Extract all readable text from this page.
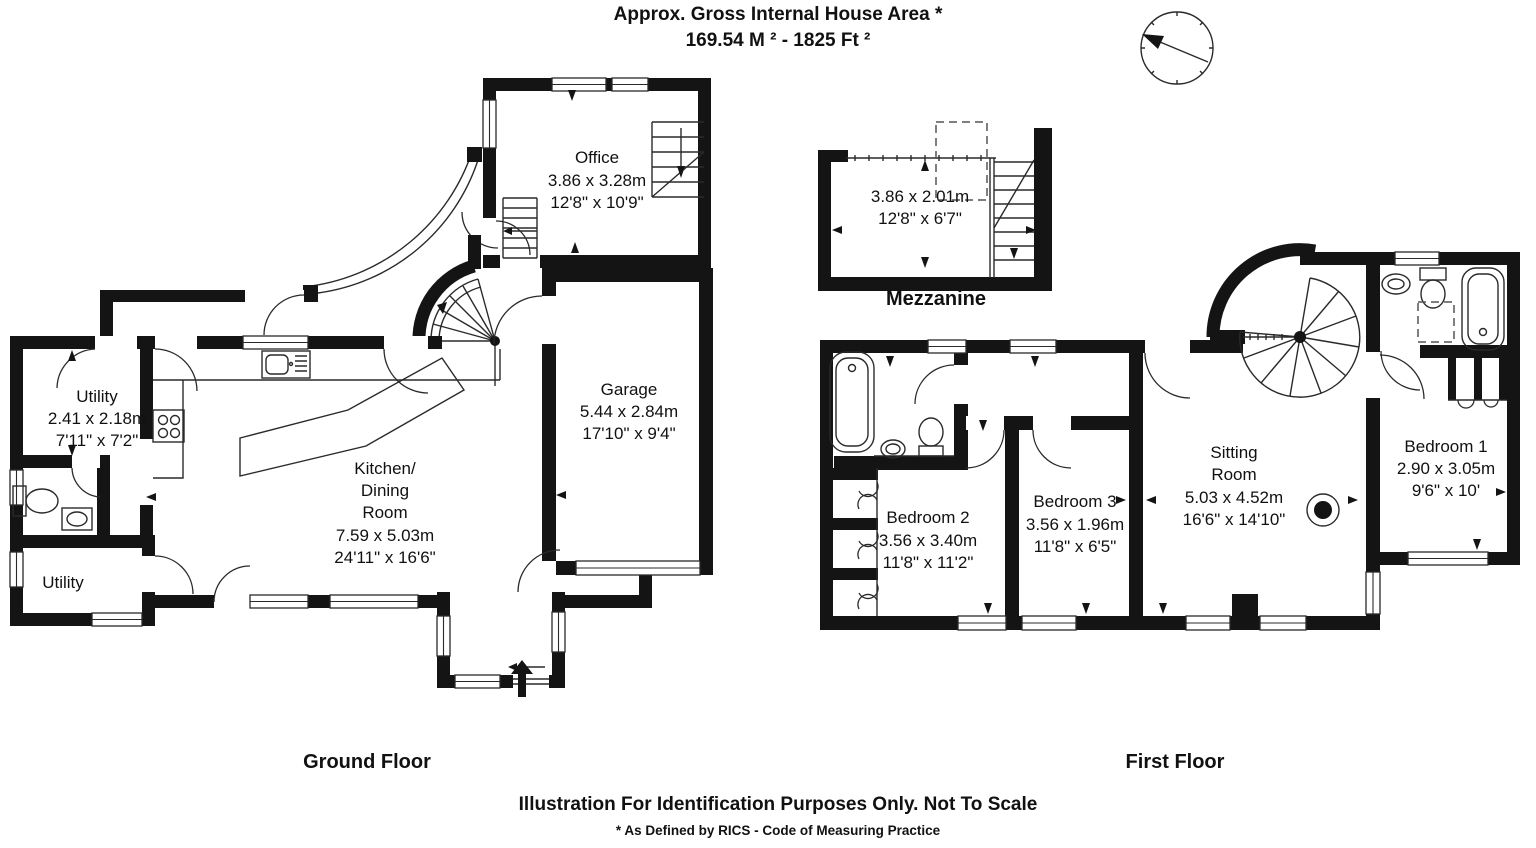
Approx. Gross Internal House Area *
169.54 M ² - 1825 Ft ²
Office
3.86 x 3.28m
12'8" x 10'9"
Utility
2.41 x 2.18m
7'11" x 7'2"
Utility
Kitchen/
Dining
Room
7.59 x 5.03m
24'11" x 16'6"
Garage
5.44 x 2.84m
17'10" x 9'4"
3.86 x 2.01m
12'8" x 6'7"
Mezzanine
Bedroom 2
3.56 x 3.40m
11'8" x 11'2"
Bedroom 3
3.56 x 1.96m
11'8" x 6'5"
Sitting
Room
5.03 x 4.52m
16'6" x 14'10"
Bedroom 1
2.90 x 3.05m
9'6" x 10'
Ground Floor	First Floor
Illustration For Identification Purposes Only. Not To Scale
* As Defined by RICS - Code of Measuring Practice
